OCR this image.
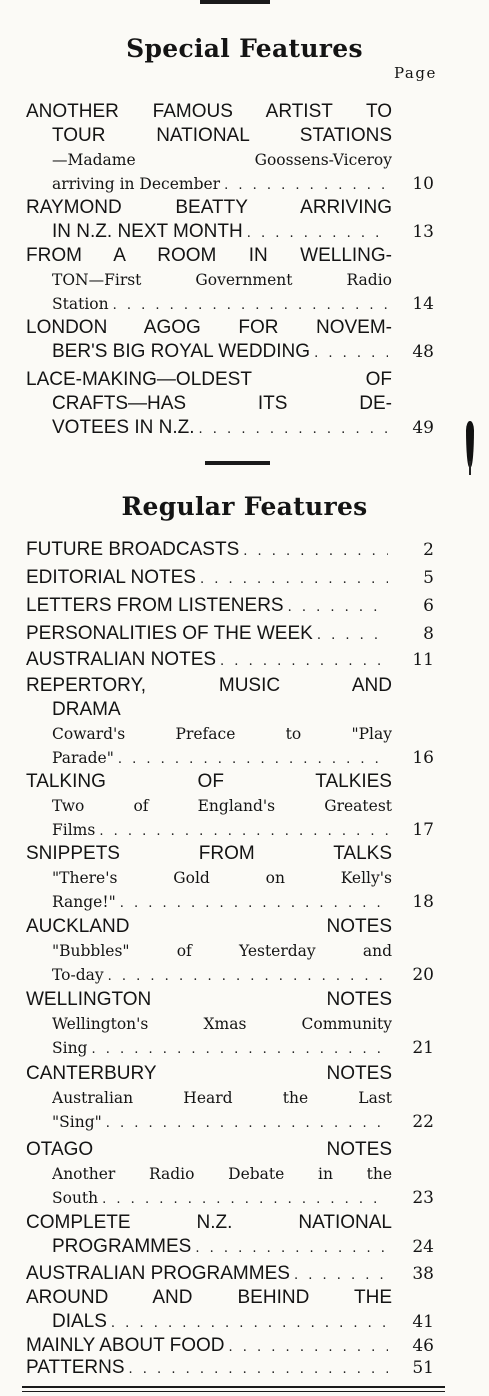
Special Features
Page
ANOTHER FAMOUS ARTIST TO
TOUR NATIONAL STATIONS
—Madame Goossens-Viceroy
arriving in December . . .	10
RAYMOND BEATTY ARRIVING
IN N.Z. NEXT MONTH . . .	13
FROM A ROOM IN WELLING-
TON—First Government Radio
Station . . .	14
LONDON AGOG FOR NOVEM-
BER'S BIG ROYAL WEDDING . . .	48
LACE-MAKING—OLDEST OF
CRAFTS—HAS ITS DE-
VOTEES IN N.Z. . . .	49
Regular Features
FUTURE BROADCASTS . . .	2
EDITORIAL NOTES . . .	5
LETTERS FROM LISTENERS . . .	6
PERSONALITIES OF THE WEEK . . .	8
AUSTRALIAN NOTES . . .	11
REPERTORY, MUSIC AND
DRAMA
Coward's Preface to "Play
Parade" . . .	16
TALKING OF TALKIES
Two of England's Greatest
Films . . .	17
SNIPPETS FROM TALKS
"There's Gold on Kelly's
Range!" . . .	18
AUCKLAND NOTES
"Bubbles" of Yesterday and
To-day . . .	20
WELLINGTON NOTES
Wellington's Xmas Community
Sing . . .	21
CANTERBURY NOTES
Australian Heard the Last
"Sing" . . .	22
OTAGO NOTES
Another Radio Debate in the
South . . .	23
COMPLETE N.Z. NATIONAL
PROGRAMMES . . .	24
AUSTRALIAN PROGRAMMES . . .	38
AROUND AND BEHIND THE
DIALS . . .	41
MAINLY ABOUT FOOD . . .	46
PATTERNS . . .	51
